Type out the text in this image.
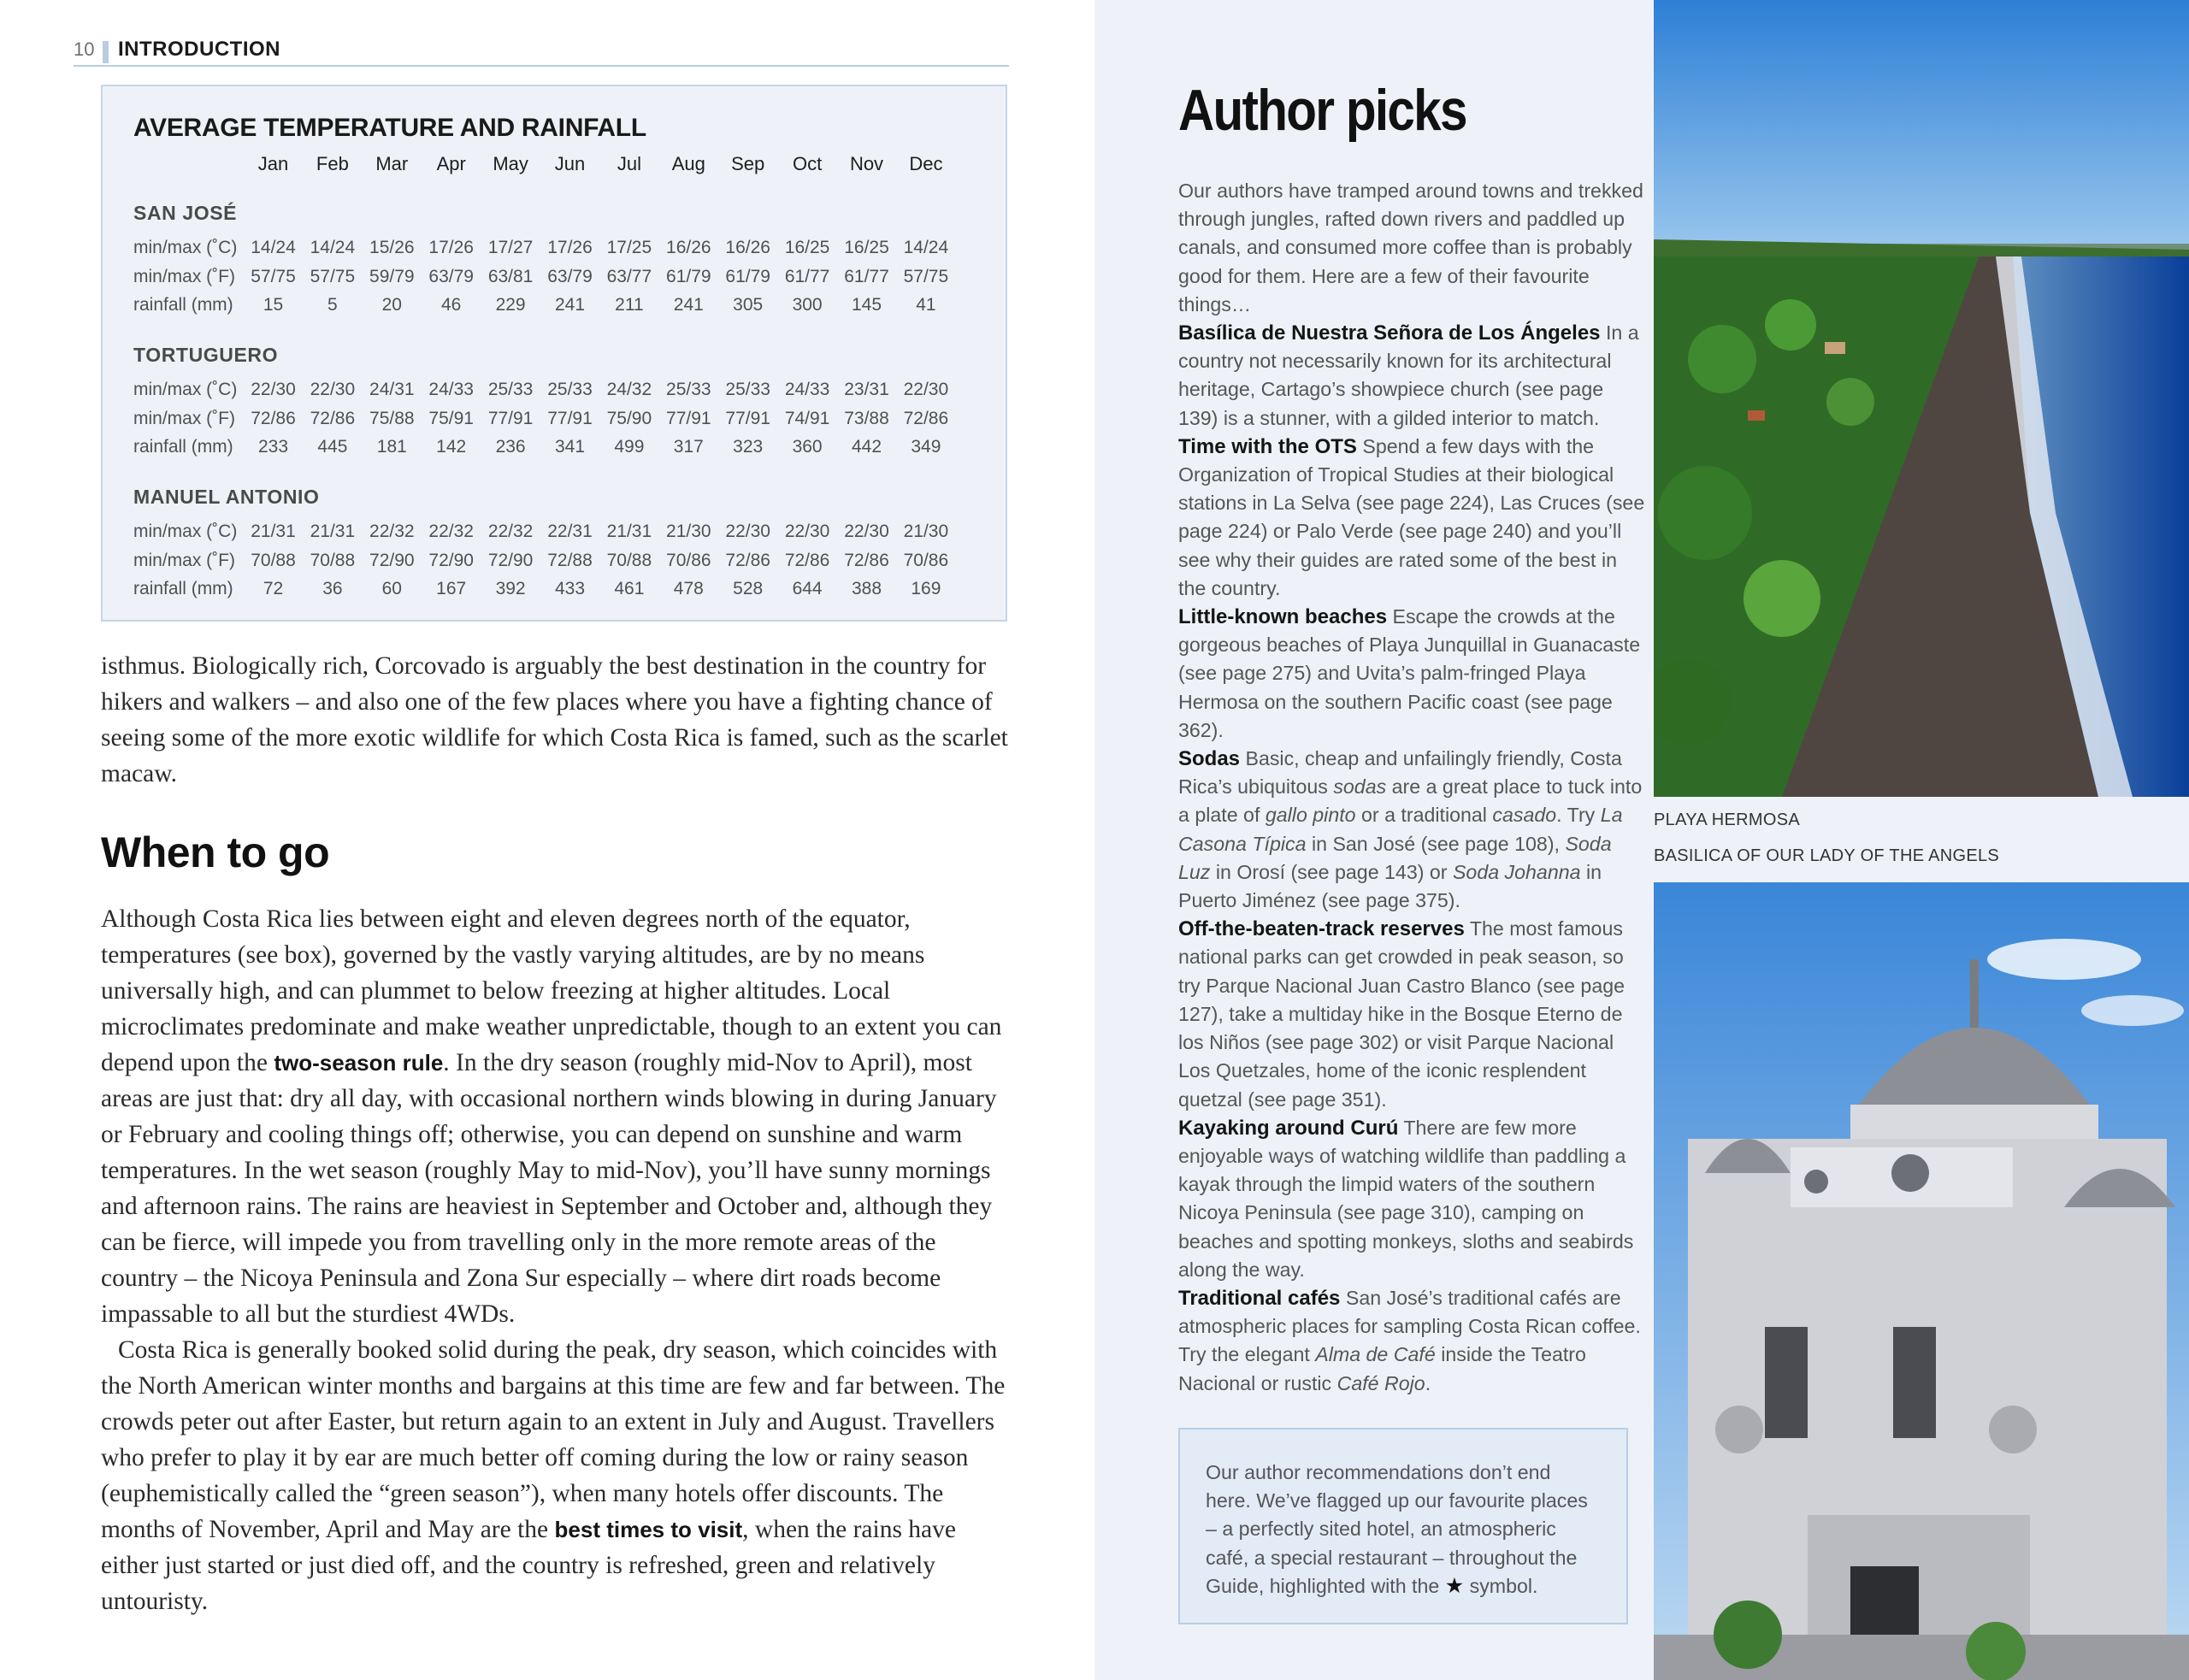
10 INTRODUCTION
AVERAGE TEMPERATURE AND RAINFALL
Jan	Feb	Mar	Apr	May	Jun	Jul	Aug	Sep	Oct	Nov	Dec
SAN JOSÉ
min/max (˚C) 14/24 14/24 15/26 17/26 17/27 17/26 17/25 16/26 16/26 16/25 16/25 14/24
min/max (˚F) 57/75 57/75 59/79 63/79 63/81 63/79 63/77 61/79 61/79 61/77 61/77 57/75
rainfall (mm)	15	5	20	46	229	241	211	241	305	300	145	41
TORTUGUERO
min/max (˚C) 22/30 22/30 24/31 24/33 25/33 25/33 24/32 25/33 25/33 24/33 23/31 22/30
min/max (˚F) 72/86 72/86 75/88 75/91 77/91 77/91 75/90 77/91 77/91 74/91 73/88 72/86
rainfall (mm)	233	445	181	142	236	341	499	317	323	360	442	349
MANUEL ANTONIO
min/max (˚C) 21/31 21/31 22/32 22/32 22/32 22/31 21/31 21/30 22/30 22/30 22/30 21/30
min/max (˚F) 70/88 70/88 72/90 72/90 72/90 72/88 70/88 70/86 72/86 72/86 72/86 70/86
rainfall (mm)	72	36	60	167	392	433	461	478	528	644	388	169

isthmus. Biologically rich, Corcovado is arguably the best destination in the country for hikers and walkers – and also one of the few places where you have a fighting chance of seeing some of the more exotic wildlife for which Costa Rica is famed, such as the scarlet macaw.

When to go

Although Costa Rica lies between eight and eleven degrees north of the equator, temperatures (see box), governed by the vastly varying altitudes, are by no means universally high, and can plummet to below freezing at higher altitudes. Local microclimates predominate and make weather unpredictable, though to an extent you can depend upon the two-season rule. In the dry season (roughly mid-Nov to April), most areas are just that: dry all day, with occasional northern winds blowing in during January or February and cooling things off; otherwise, you can depend on sunshine and warm temperatures. In the wet season (roughly May to mid-Nov), you’ll have sunny mornings and afternoon rains. The rains are heaviest in September and October and, although they can be fierce, will impede you from travelling only in the more remote areas of the country – the Nicoya Peninsula and Zona Sur especially – where dirt roads become impassable to all but the sturdiest 4WDs.

Costa Rica is generally booked solid during the peak, dry season, which coincides with the North American winter months and bargains at this time are few and far between. The crowds peter out after Easter, but return again to an extent in July and August. Travellers who prefer to play it by ear are much better off coming during the low or rainy season (euphemistically called the “green season”), when many hotels offer discounts. The months of November, April and May are the best times to visit, when the rains have either just started or just died off, and the country is refreshed, green and relatively untouristy.

Author picks

Our authors have tramped around towns and trekked through jungles, rafted down rivers and paddled up canals, and consumed more coffee than is probably good for them. Here are a few of their favourite things…

Basílica de Nuestra Señora de Los Ángeles In a country not necessarily known for its architectural heritage, Cartago’s showpiece church (see page 139) is a stunner, with a gilded interior to match.

Time with the OTS Spend a few days with the Organization of Tropical Studies at their biological stations in La Selva (see page 224), Las Cruces (see page 224) or Palo Verde (see page 240) and you’ll see why their guides are rated some of the best in the country.

Little-known beaches Escape the crowds at the gorgeous beaches of Playa Junquillal in Guanacaste (see page 275) and Uvita’s palm-fringed Playa Hermosa on the southern Pacific coast (see page 362).

Sodas Basic, cheap and unfailingly friendly, Costa Rica’s ubiquitous sodas are a great place to tuck into a plate of gallo pinto or a traditional casado. Try La Casona Típica in San José (see page 108), Soda Luz in Orosí (see page 143) or Soda Johanna in Puerto Jiménez (see page 375).

Off-the-beaten-track reserves The most famous national parks can get crowded in peak season, so try Parque Nacional Juan Castro Blanco (see page 127), take a multiday hike in the Bosque Eterno de los Niños (see page 302) or visit Parque Nacional Los Quetzales, home of the iconic resplendent quetzal (see page 351).

Kayaking around Curú There are few more enjoyable ways of watching wildlife than paddling a kayak through the limpid waters of the southern Nicoya Peninsula (see page 310), camping on beaches and spotting monkeys, sloths and seabirds along the way.

Traditional cafés San José’s traditional cafés are atmospheric places for sampling Costa Rican coffee. Try the elegant Alma de Café inside the Teatro Nacional or rustic Café Rojo.

Our author recommendations don’t end here. We’ve flagged up our favourite places – a perfectly sited hotel, an atmospheric café, a special restaurant – throughout the Guide, highlighted with the ★ symbol.
PLAYA HERMOSA
BASILICA OF OUR LADY OF THE ANGELS
